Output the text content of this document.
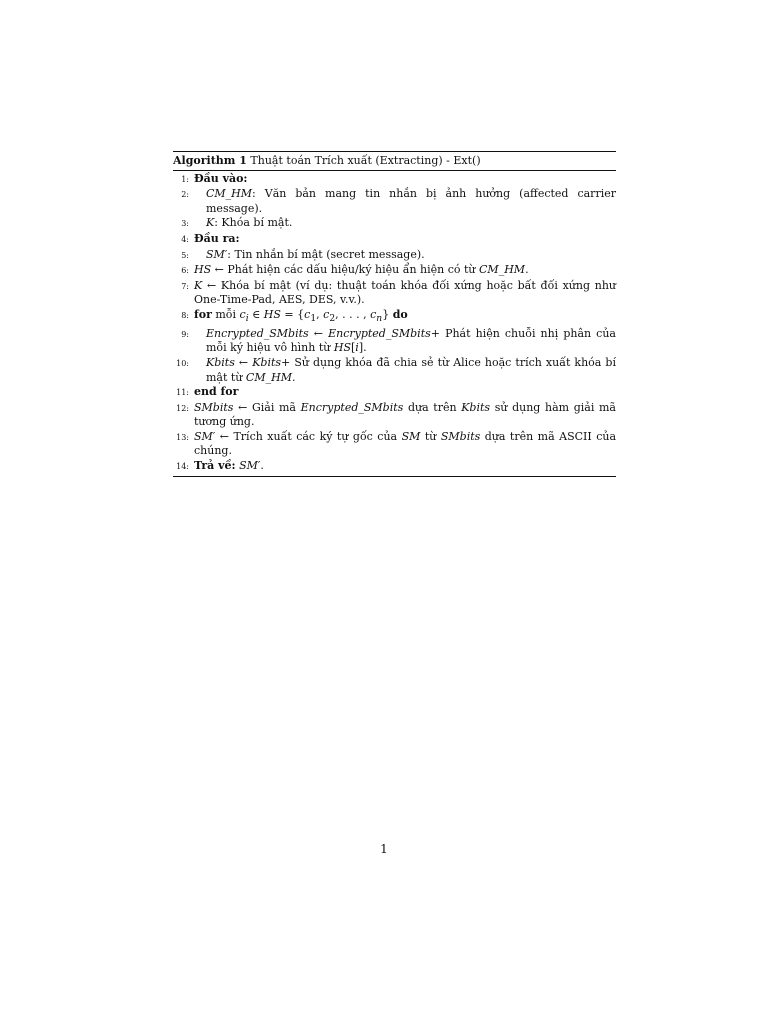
Algorithm 1 Thuật toán Trích xuất (Extracting) - Ext()
1: Đầu vào:
2:	CM_HM: Văn bản mang tin nhắn bị ảnh hưởng (affected carrier message).
3:	K: Khóa bí mật.
4: Đầu ra:
5:	SM′: Tin nhắn bí mật (secret message).
6: HS ← Phát hiện các dấu hiệu/ký hiệu ẩn hiện có từ CM_HM.
7: K ← Khóa bí mật (ví dụ: thuật toán khóa đối xứng hoặc bất đối xứng như One-Time-Pad, AES, DES, v.v.).
8: for mỗi $c_i$ ∈ HS = {$c_1$, $c_2$, . . . , $c_n$} do
9:	Encrypted_SMbits ← Encrypted_SMbits+ Phát hiện chuỗi nhị phân của mỗi ký hiệu vô hình từ HS[i].
10:	Kbits ← Kbits+ Sử dụng khóa đã chia sẻ từ Alice hoặc trích xuất khóa bí mật từ CM_HM.
11: end for
12: SMbits ← Giải mã Encrypted_SMbits dựa trên Kbits sử dụng hàm giải mã tương ứng.
13: SM′ ← Trích xuất các ký tự gốc của SM từ SMbits dựa trên mã ASCII của chúng.
14: Trả về: SM′.
1
